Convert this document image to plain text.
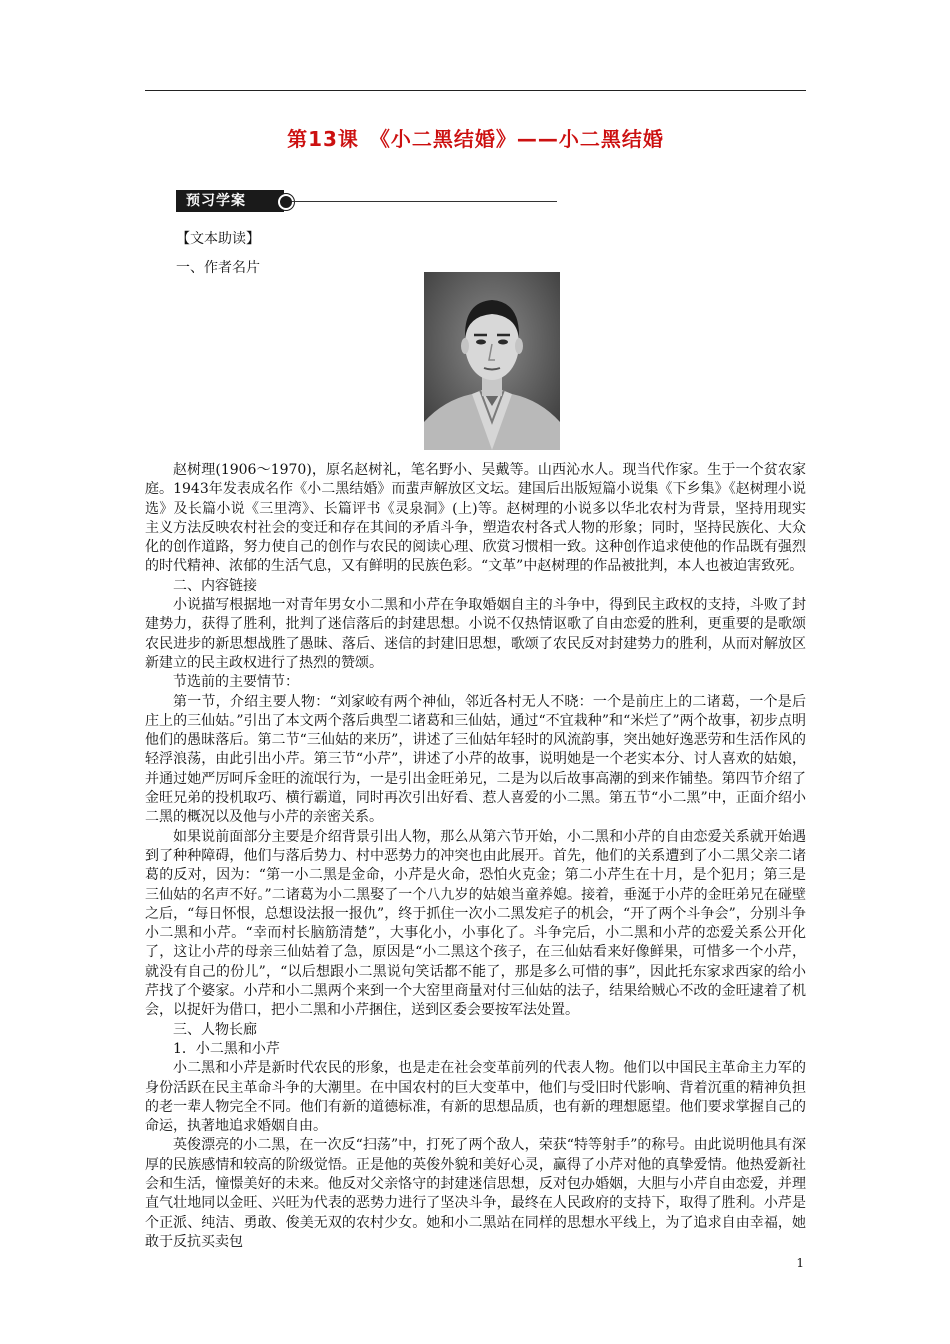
第13课　《小二黑结婚》——小二黑结婚
预习学案
【文本助读】
一、作者名片

赵树理(1906～1970)，原名赵树礼，笔名野小、吴戴等。山西沁水人。现当代作家。生于一个贫农家庭。1943年发表成名作《小二黑结婚》而蜚声解放区文坛。建国后出版短篇小说集《下乡集》《赵树理小说选》及长篇小说《三里湾》、长篇评书《灵泉洞》(上)等。赵树理的小说多以华北农村为背景，坚持用现实主义方法反映农村社会的变迁和存在其间的矛盾斗争，塑造农村各式人物的形象；同时，坚持民族化、大众化的创作道路，努力使自己的创作与农民的阅读心理、欣赏习惯相一致。这种创作追求使他的作品既有强烈的时代精神、浓郁的生活气息，又有鲜明的民族色彩。“文革”中赵树理的作品被批判，本人也被迫害致死。

二、内容链接

小说描写根据地一对青年男女小二黑和小芹在争取婚姻自主的斗争中，得到民主政权的支持，斗败了封建势力，获得了胜利，批判了迷信落后的封建思想。小说不仅热情讴歌了自由恋爱的胜利，更重要的是歌颂农民进步的新思想战胜了愚昧、落后、迷信的封建旧思想，歌颂了农民反对封建势力的胜利，从而对解放区新建立的民主政权进行了热烈的赞颂。

节选前的主要情节：

第一节，介绍主要人物：“刘家峧有两个神仙，邻近各村无人不晓：一个是前庄上的二诸葛，一个是后庄上的三仙姑。”引出了本文两个落后典型二诸葛和三仙姑，通过“不宜栽种”和“米烂了”两个故事，初步点明他们的愚昧落后。第二节“三仙姑的来历”，讲述了三仙姑年轻时的风流韵事，突出她好逸恶劳和生活作风的轻浮浪荡，由此引出小芹。第三节“小芹”，讲述了小芹的故事，说明她是一个老实本分、讨人喜欢的姑娘，并通过她严厉呵斥金旺的流氓行为，一是引出金旺弟兄，二是为以后故事高潮的到来作铺垫。第四节介绍了金旺兄弟的投机取巧、横行霸道，同时再次引出好看、惹人喜爱的小二黑。第五节“小二黑”中，正面介绍小二黑的概况以及他与小芹的亲密关系。

如果说前面部分主要是介绍背景引出人物，那么从第六节开始，小二黑和小芹的自由恋爱关系就开始遇到了种种障碍，他们与落后势力、村中恶势力的冲突也由此展开。首先，他们的关系遭到了小二黑父亲二诸葛的反对，因为：“第一小二黑是金命，小芹是火命，恐怕火克金；第二小芹生在十月，是个犯月；第三是三仙姑的名声不好。”二诸葛为小二黑娶了一个八九岁的姑娘当童养媳。接着，垂涎于小芹的金旺弟兄在碰壁之后，“每日怀恨，总想设法报一报仇”，终于抓住一次小二黑发疟子的机会，“开了两个斗争会”，分别斗争小二黑和小芹。“幸而村长脑筋清楚”，大事化小，小事化了。斗争完后，小二黑和小芹的恋爱关系公开化了，这让小芹的母亲三仙姑着了急，原因是“小二黑这个孩子，在三仙姑看来好像鲜果，可惜多一个小芹，就没有自己的份儿”，“以后想跟小二黑说句笑话都不能了，那是多么可惜的事”，因此托东家求西家的给小芹找了个婆家。小芹和小二黑两个来到一个大窑里商量对付三仙姑的法子，结果给贼心不改的金旺逮着了机会，以捉奸为借口，把小二黑和小芹捆住，送到区委会要按军法处置。

三、人物长廊

1．小二黑和小芹

小二黑和小芹是新时代农民的形象，也是走在社会变革前列的代表人物。他们以中国民主革命主力军的身份活跃在民主革命斗争的大潮里。在中国农村的巨大变革中，他们与受旧时代影响、背着沉重的精神负担的老一辈人物完全不同。他们有新的道德标准，有新的思想品质，也有新的理想愿望。他们要求掌握自己的命运，执著地追求婚姻自由。

英俊漂亮的小二黑，在一次反“扫荡”中，打死了两个敌人，荣获“特等射手”的称号。由此说明他具有深厚的民族感情和较高的阶级觉悟。正是他的英俊外貌和美好心灵，赢得了小芹对他的真挚爱情。他热爱新社会和生活，憧憬美好的未来。他反对父亲恪守的封建迷信思想，反对包办婚姻，大胆与小芹自由恋爱，并理直气壮地同以金旺、兴旺为代表的恶势力进行了坚决斗争，最终在人民政府的支持下，取得了胜利。小芹是个正派、纯洁、勇敢、俊美无双的农村少女。她和小二黑站在同样的思想水平线上，为了追求自由幸福，她敢于反抗买卖包

1
